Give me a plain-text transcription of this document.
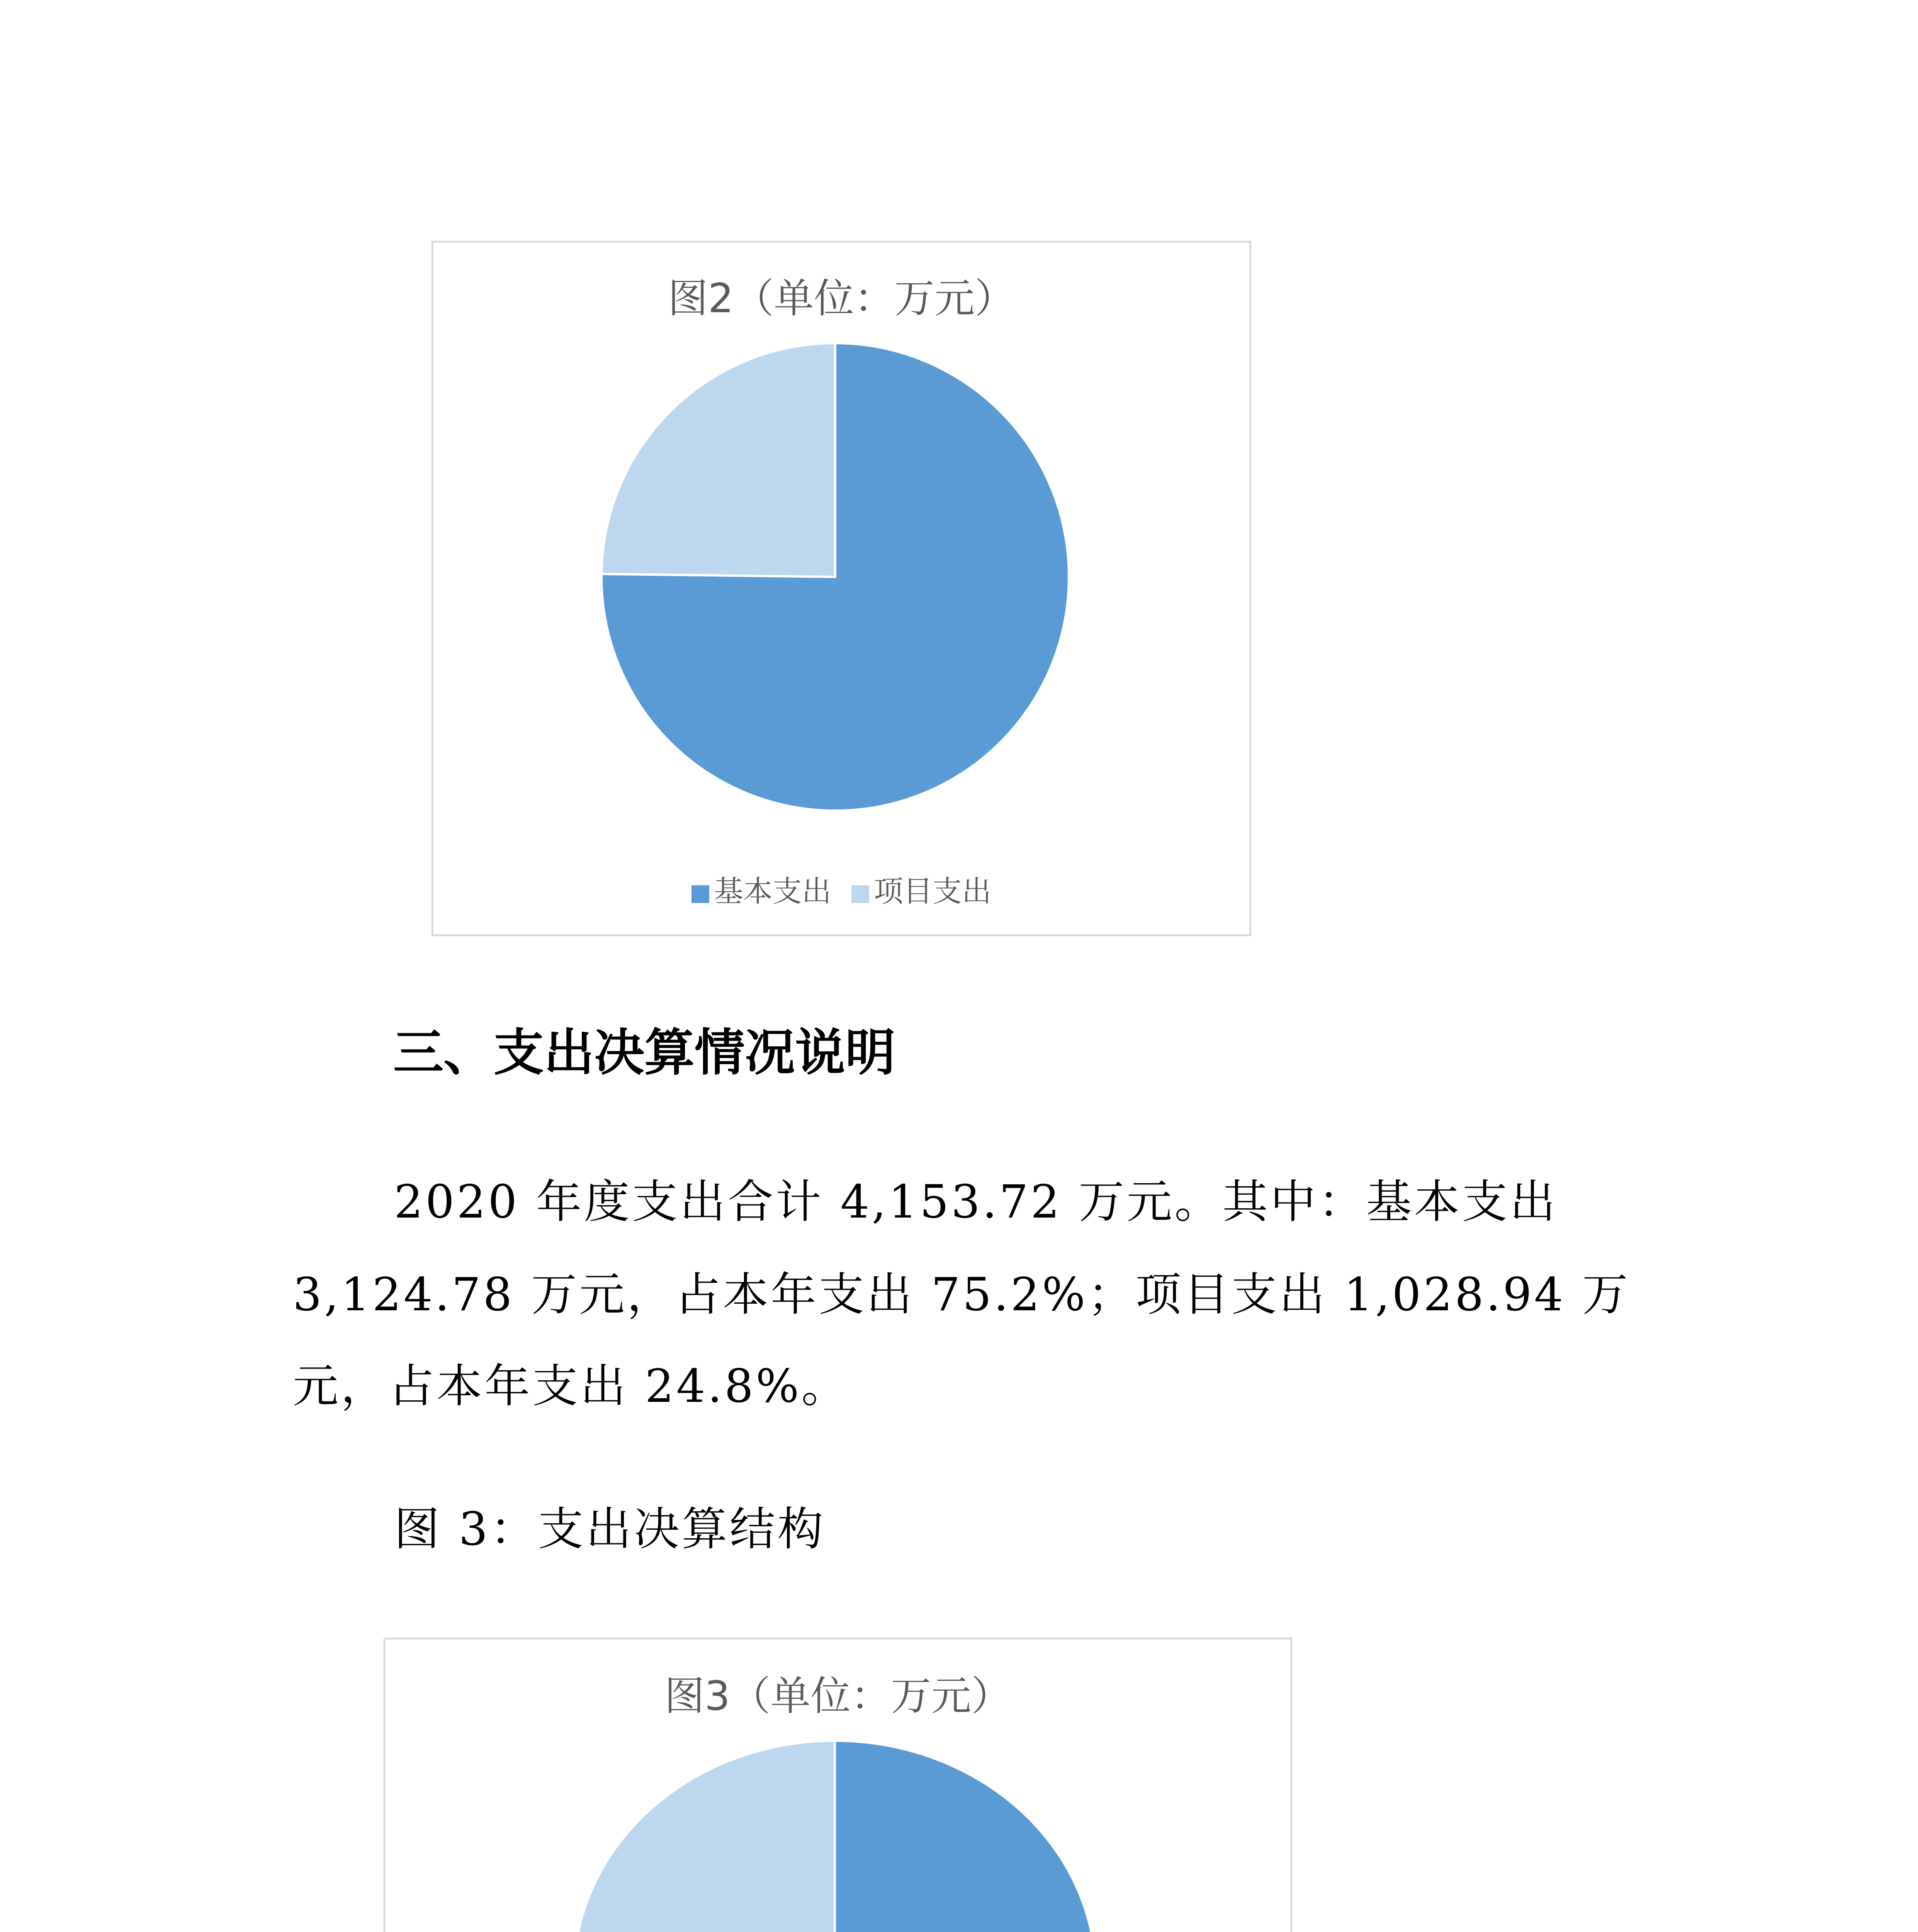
图2（单位：万元）
基本支出 项目支出
三、支出决算情况说明
2020 年度支出合计 4,153.72 万元。其中：基本支出
3,124.78 万元，占本年支出 75.2%；项目支出 1,028.94 万
元，占本年支出 24.8%。
图 3：支出决算结构
图3（单位：万元）
